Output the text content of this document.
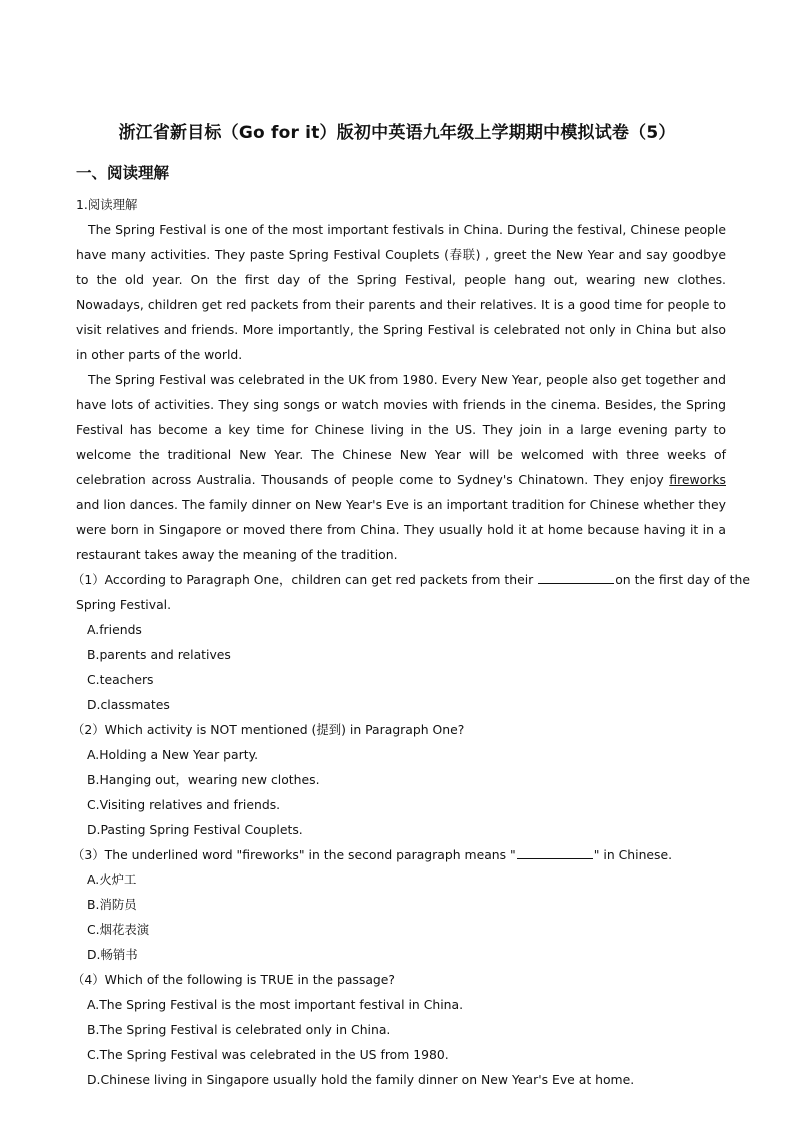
浙江省新目标（Go for it）版初中英语九年级上学期期中模拟试卷（5）
一、阅读理解
1.阅读理解
The Spring Festival is one of the most important festivals in China. During the festival, Chinese people have many activities. They paste Spring Festival Couplets (春联) , greet the New Year and say goodbye to the old year. On the first day of the Spring Festival, people hang out, wearing new clothes. Nowadays, children get red packets from their parents and their relatives. It is a good time for people to visit relatives and friends. More importantly, the Spring Festival is celebrated not only in China but also in other parts of the world.
The Spring Festival was celebrated in the UK from 1980. Every New Year, people also get together and have lots of activities. They sing songs or watch movies with friends in the cinema. Besides, the Spring Festival has become a key time for Chinese living in the US. They join in a large evening party to welcome the traditional New Year. The Chinese New Year will be welcomed with three weeks of celebration across Australia. Thousands of people come to Sydney's Chinatown. They enjoy fireworks and lion dances. The family dinner on New Year's Eve is an important tradition for Chinese whether they were born in Singapore or moved there from China. They usually hold it at home because having it in a restaurant takes away the meaning of the tradition.
（1）According to Paragraph One，children can get red packets from their	on the first day of the
Spring Festival.
A.friends
B.parents and relatives
C.teachers
D.classmates
（2）Which activity is NOT mentioned (提到) in Paragraph One?
A.Holding a New Year party.
B.Hanging out，wearing new clothes.
C.Visiting relatives and friends.
D.Pasting Spring Festival Couplets.
（3）The underlined word "fireworks" in the second paragraph means "	" in Chinese.
A.火炉工
B.消防员
C.烟花表演
D.畅销书
（4）Which of the following is TRUE in the passage?
A.The Spring Festival is the most important festival in China.
B.The Spring Festival is celebrated only in China.
C.The Spring Festival was celebrated in the US from 1980.
D.Chinese living in Singapore usually hold the family dinner on New Year's Eve at home.
